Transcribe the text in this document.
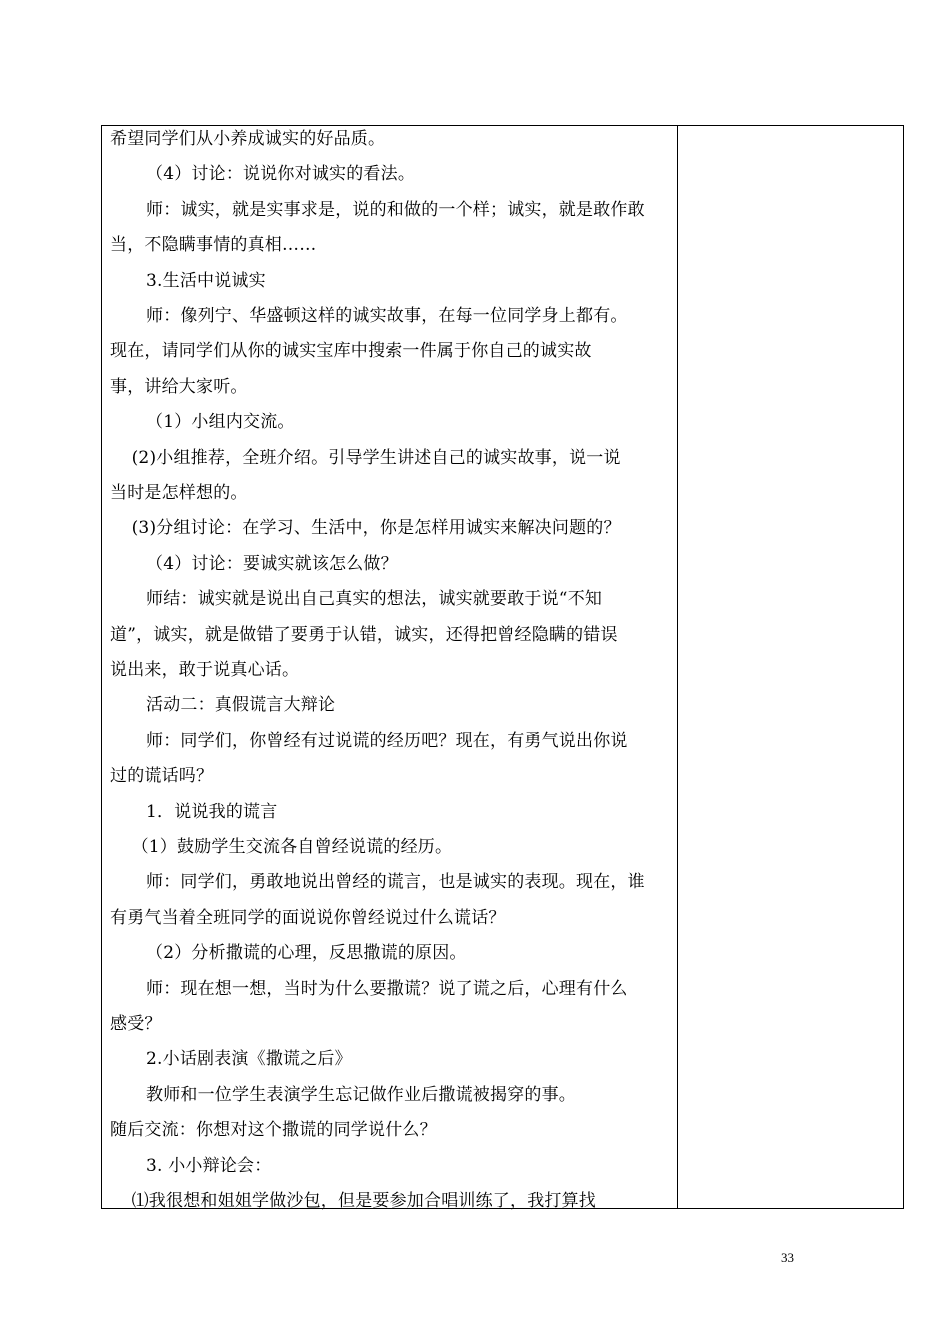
希望同学们从小养成诚实的好品质。
（4）讨论：说说你对诚实的看法。
师：诚实，就是实事求是，说的和做的一个样；诚实，就是敢作敢
当，不隐瞒事情的真相……
3.生活中说诚实
师：像列宁、华盛顿这样的诚实故事，在每一位同学身上都有。
现在，请同学们从你的诚实宝库中搜索一件属于你自己的诚实故
事，讲给大家听。
（1）小组内交流。
(2)小组推荐，全班介绍。引导学生讲述自己的诚实故事，说一说
当时是怎样想的。
(3)分组讨论：在学习、生活中，你是怎样用诚实来解决问题的？
（4）讨论：要诚实就该怎么做？
师结：诚实就是说出自己真实的想法，诚实就要敢于说“不知
道”，诚实，就是做错了要勇于认错，诚实，还得把曾经隐瞒的错误
说出来，敢于说真心话。
活动二：真假谎言大辩论
师：同学们，你曾经有过说谎的经历吧？现在，有勇气说出你说
过的谎话吗？
1．说说我的谎言
（1）鼓励学生交流各自曾经说谎的经历。
师：同学们，勇敢地说出曾经的谎言，也是诚实的表现。现在，谁
有勇气当着全班同学的面说说你曾经说过什么谎话？
（2）分析撒谎的心理，反思撒谎的原因。
师：现在想一想，当时为什么要撒谎？说了谎之后，心理有什么
感受？
2.小话剧表演《撒谎之后》
教师和一位学生表演学生忘记做作业后撒谎被揭穿的事。
随后交流：你想对这个撒谎的同学说什么？
3. 小小辩论会：
⑴我很想和姐姐学做沙包，但是要参加合唱训练了，我打算找
33
